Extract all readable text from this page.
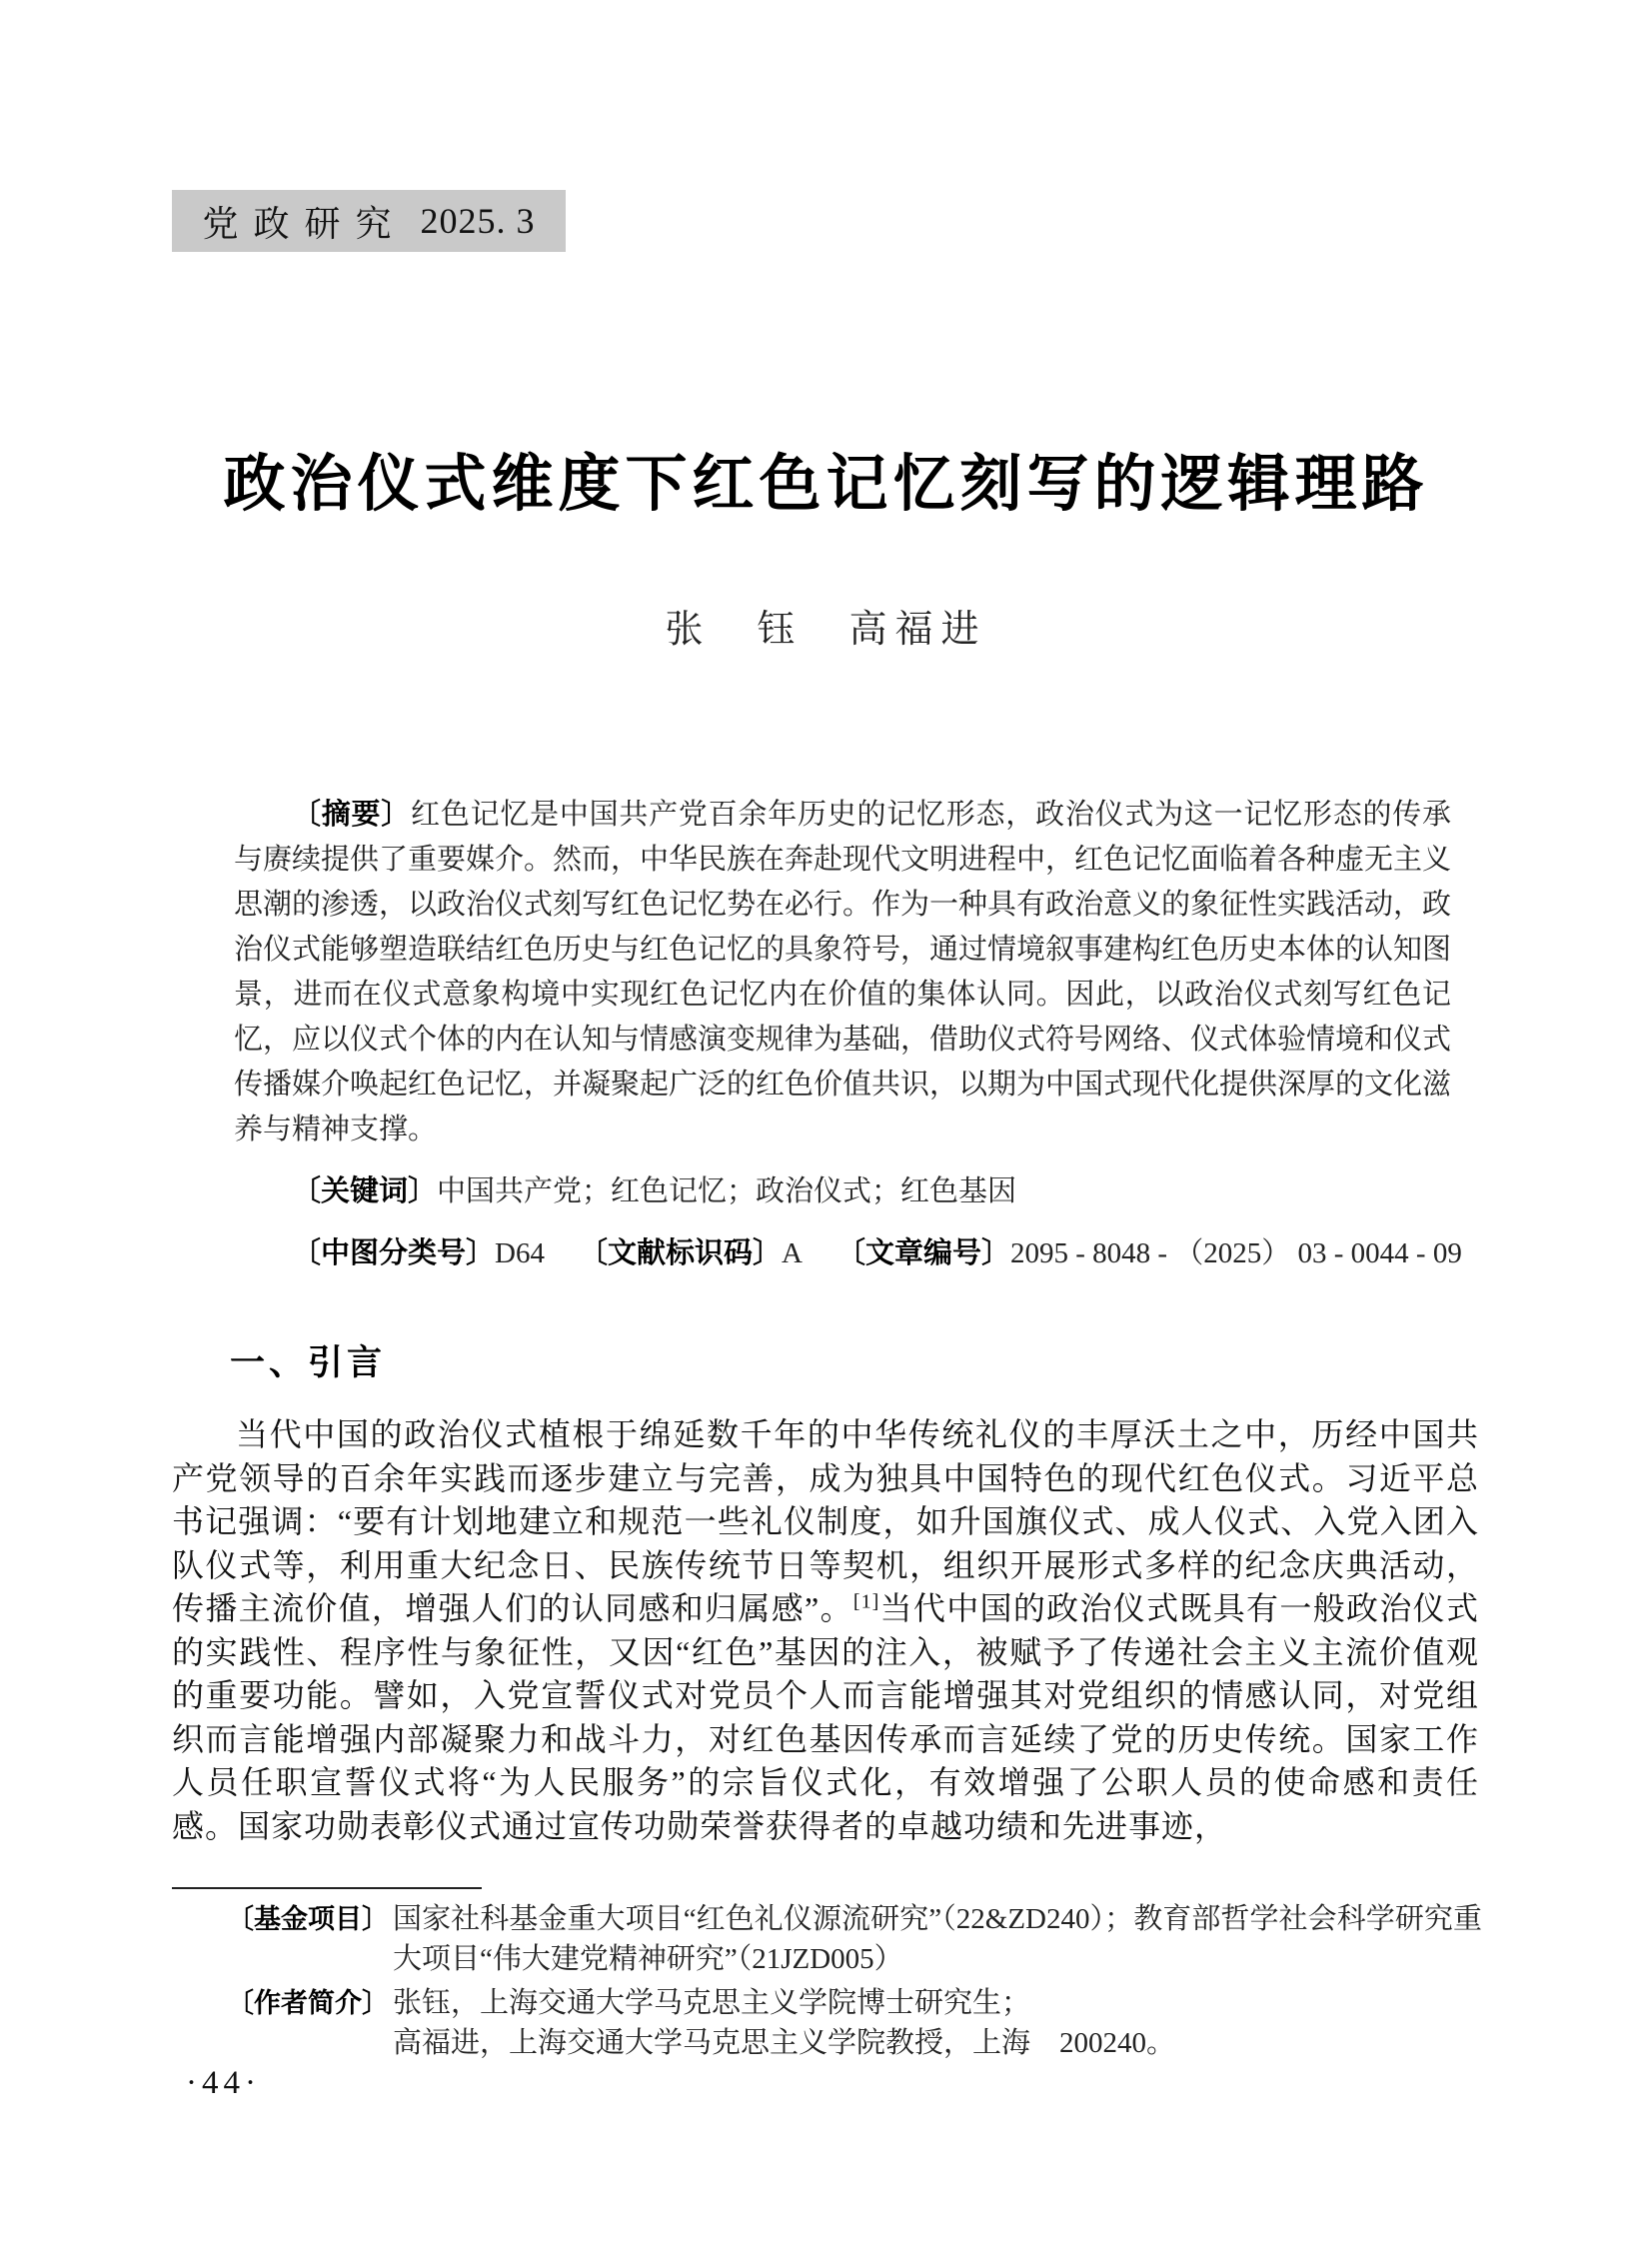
党 政 研 究 2025. 3
政治仪式维度下红色记忆刻写的逻辑理路
张　钰　高福进

〔摘要〕红色记忆是中国共产党百余年历史的记忆形态，政治仪式为这一记忆形态的传承与赓续提供了重要媒介。然而，中华民族在奔赴现代文明进程中，红色记忆面临着各种虚无主义思潮的渗透，以政治仪式刻写红色记忆势在必行。作为一种具有政治意义的象征性实践活动，政治仪式能够塑造联结红色历史与红色记忆的具象符号，通过情境叙事建构红色历史本体的认知图景，进而在仪式意象构境中实现红色记忆内在价值的集体认同。因此，以政治仪式刻写红色记忆，应以仪式个体的内在认知与情感演变规律为基础，借助仪式符号网络、仪式体验情境和仪式传播媒介唤起红色记忆，并凝聚起广泛的红色价值共识，以期为中国式现代化提供深厚的文化滋养与精神支撑。

〔关键词〕中国共产党；红色记忆；政治仪式；红色基因

〔中图分类号〕D64 〔文献标识码〕A 〔文章编号〕2095 - 8048 - （2025） 03 - 0044 - 09

一、引言

当代中国的政治仪式植根于绵延数千年的中华传统礼仪的丰厚沃土之中，历经中国共产党领导的百余年实践而逐步建立与完善，成为独具中国特色的现代红色仪式。习近平总书记强调：“要有计划地建立和规范一些礼仪制度，如升国旗仪式、成人仪式、入党入团入队仪式等，利用重大纪念日、民族传统节日等契机，组织开展形式多样的纪念庆典活动，传播主流价值，增强人们的认同感和归属感”。[1]当代中国的政治仪式既具有一般政治仪式的实践性、程序性与象征性，又因“红色”基因的注入，被赋予了传递社会主义主流价值观的重要功能。譬如，入党宣誓仪式对党员个人而言能增强其对党组织的情感认同，对党组织而言能增强内部凝聚力和战斗力，对红色基因传承而言延续了党的历史传统。国家工作人员任职宣誓仪式将“为人民服务”的宗旨仪式化，有效增强了公职人员的使命感和责任感。国家功勋表彰仪式通过宣传功勋荣誉获得者的卓越功绩和先进事迹，

〔基金项目〕 国家社科基金重大项目“红色礼仪源流研究”（22&ZD240）；教育部哲学社会科学研究重大项目“伟大建党精神研究”（21JZD005）
〔作者简介〕 张钰，上海交通大学马克思主义学院博士研究生；
高福进，上海交通大学马克思主义学院教授，上海　200240。
·44·
